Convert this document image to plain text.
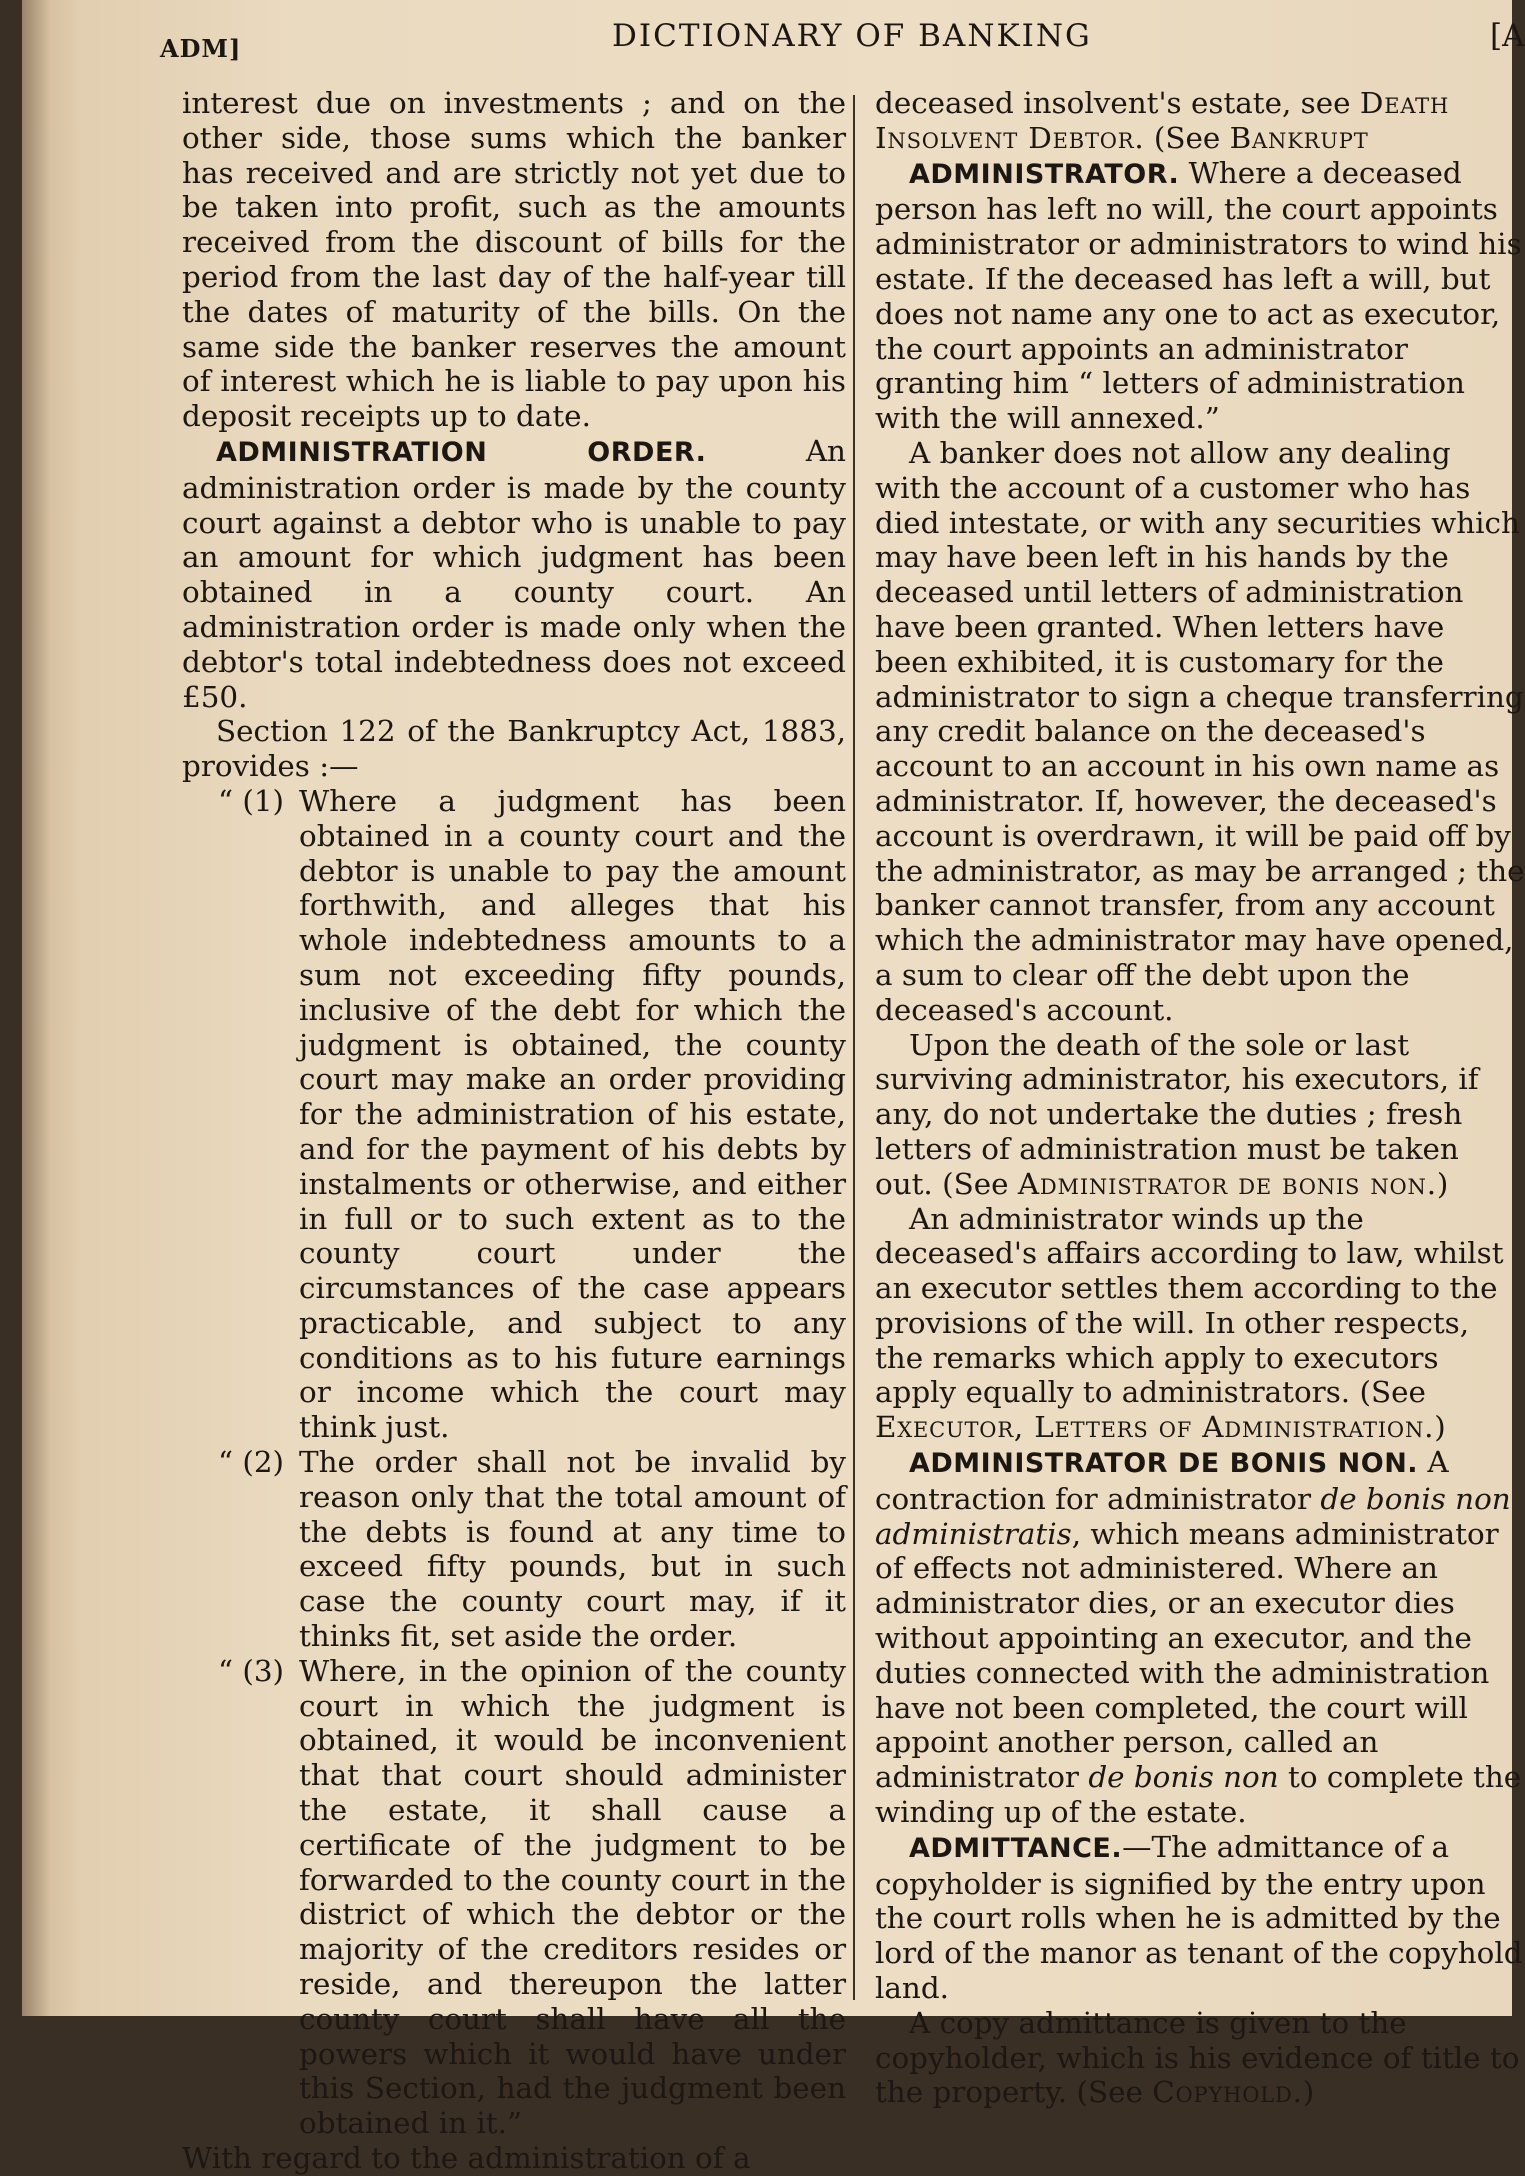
ADM]	DICTIONARY OF BANKING	[A

interest due on investments ; and on the other side, those sums which the banker has received and are strictly not yet due to be taken into profit, such as the amounts received from the discount of bills for the period from the last day of the half-year till the dates of maturity of the bills. On the same side the banker reserves the amount of interest which he is liable to pay upon his deposit receipts up to date.

ADMINISTRATION ORDER. An administration order is made by the county court against a debtor who is unable to pay an amount for which judgment has been obtained in a county court. An administration order is made only when the debtor's total indebtedness does not exceed £50.

Section 122 of the Bankruptcy Act, 1883, provides :—

“ (1) Where a judgment has been obtained in a county court and the debtor is unable to pay the amount forthwith, and alleges that his whole indebtedness amounts to a sum not exceeding fifty pounds, inclusive of the debt for which the judgment is obtained, the county court may make an order providing for the administration of his estate, and for the payment of his debts by instalments or otherwise, and either in full or to such extent as to the county court under the circumstances of the case appears practicable, and subject to any conditions as to his future earnings or income which the court may think just.

“ (2) The order shall not be invalid by reason only that the total amount of the debts is found at any time to exceed fifty pounds, but in such case the county court may, if it thinks fit, set aside the order.

“ (3) Where, in the opinion of the county court in which the judgment is obtained, it would be inconvenient that that court should administer the estate, it shall cause a certificate of the judgment to be forwarded to the county court in the district of which the debtor or the majority of the creditors resides or reside, and thereupon the latter county court shall have all the powers which it would have under this Section, had the judgment been obtained in it.”

With regard to the administration of a

deceased insolvent's estate, see Death Insolvent Debtor. (See Bankrupt

ADMINISTRATOR. Where a deceased person has left no will, the court appoints administrator or administrators to wind his estate. If the deceased has left a will, but does not name any one to act as executor, the court appoints an administrator granting him “ letters of administration with the will annexed.”

A banker does not allow any dealing with the account of a customer who has died intestate, or with any securities which may have been left in his hands by the deceased until letters of administration have been granted. When letters have been exhibited, it is customary for the administrator to sign a cheque transferring any credit balance on the deceased's account to an account in his own name as administrator. If, however, the deceased's account is overdrawn, it will be paid off by the administrator, as may be arranged ; the banker cannot transfer, from any account which the administrator may have opened, a sum to clear off the debt upon the deceased's account.

Upon the death of the sole or last surviving administrator, his executors, if any, do not undertake the duties ; fresh letters of administration must be taken out. (See Administrator de bonis non.)

An administrator winds up the deceased's affairs according to law, whilst an executor settles them according to the provisions of the will. In other respects, the remarks which apply to executors apply equally to administrators. (See Executor, Letters of Administration.)

ADMINISTRATOR DE BONIS NON. A contraction for administrator de bonis non administratis, which means administrator of effects not administered. Where an administrator dies, or an executor dies without appointing an executor, and the duties connected with the administration have not been completed, the court will appoint another person, called an administrator de bonis non to complete the winding up of the estate.

ADMITTANCE.—The admittance of a copyholder is signified by the entry upon the court rolls when he is admitted by the lord of the manor as tenant of the copyhold land.

A copy admittance is given to the copyholder, which is his evidence of title to the property. (See Copyhold.)
